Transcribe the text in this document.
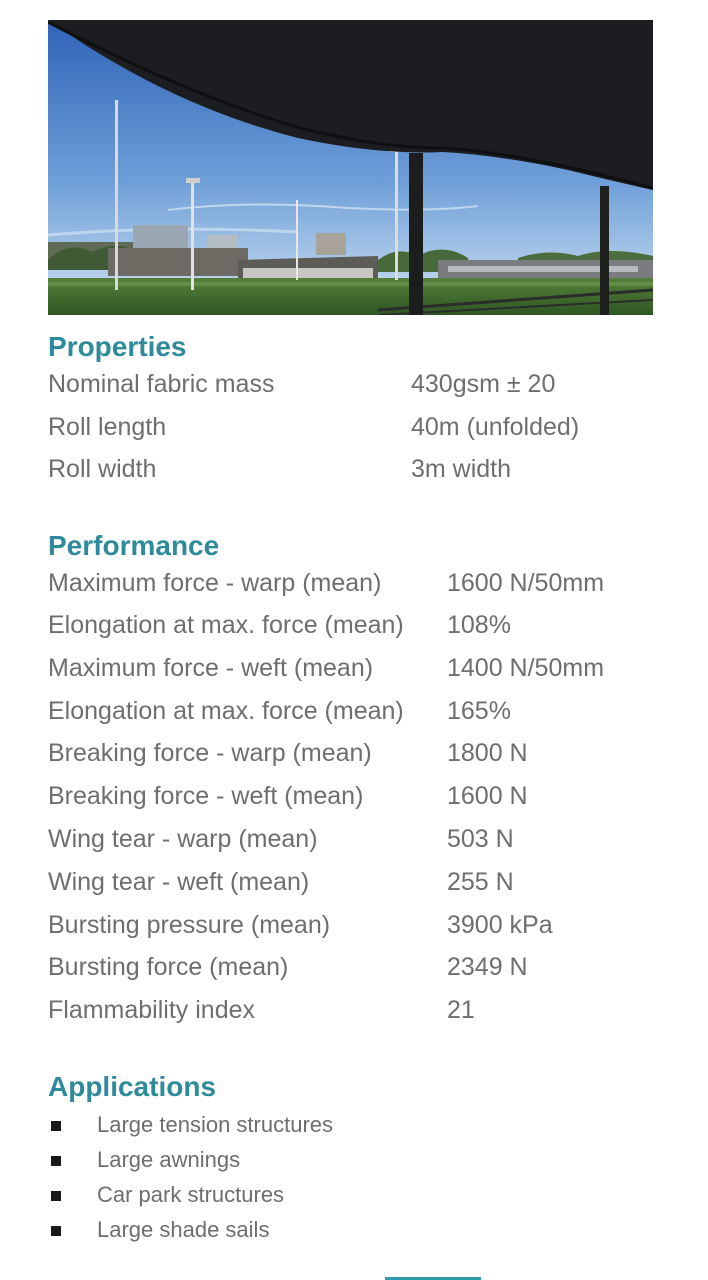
Properties
Nominal fabric mass	430gsm ± 20
Roll length	40m (unfolded)
Roll width	3m width
Performance
Maximum force - warp (mean)	1600 N/50mm
Elongation at max. force (mean) 108%
Maximum force - weft (mean)	1400 N/50mm
Elongation at max. force (mean) 165%
Breaking force - warp (mean)	1800 N
Breaking force - weft (mean)	1600 N
Wing tear - warp (mean)	503 N
Wing tear - weft (mean)	255 N
Bursting pressure (mean)	3900 kPa
Bursting force (mean)	2349 N
Flammability index	21
Applications
Large tension structures
Large awnings
Car park structures
Large shade sails
